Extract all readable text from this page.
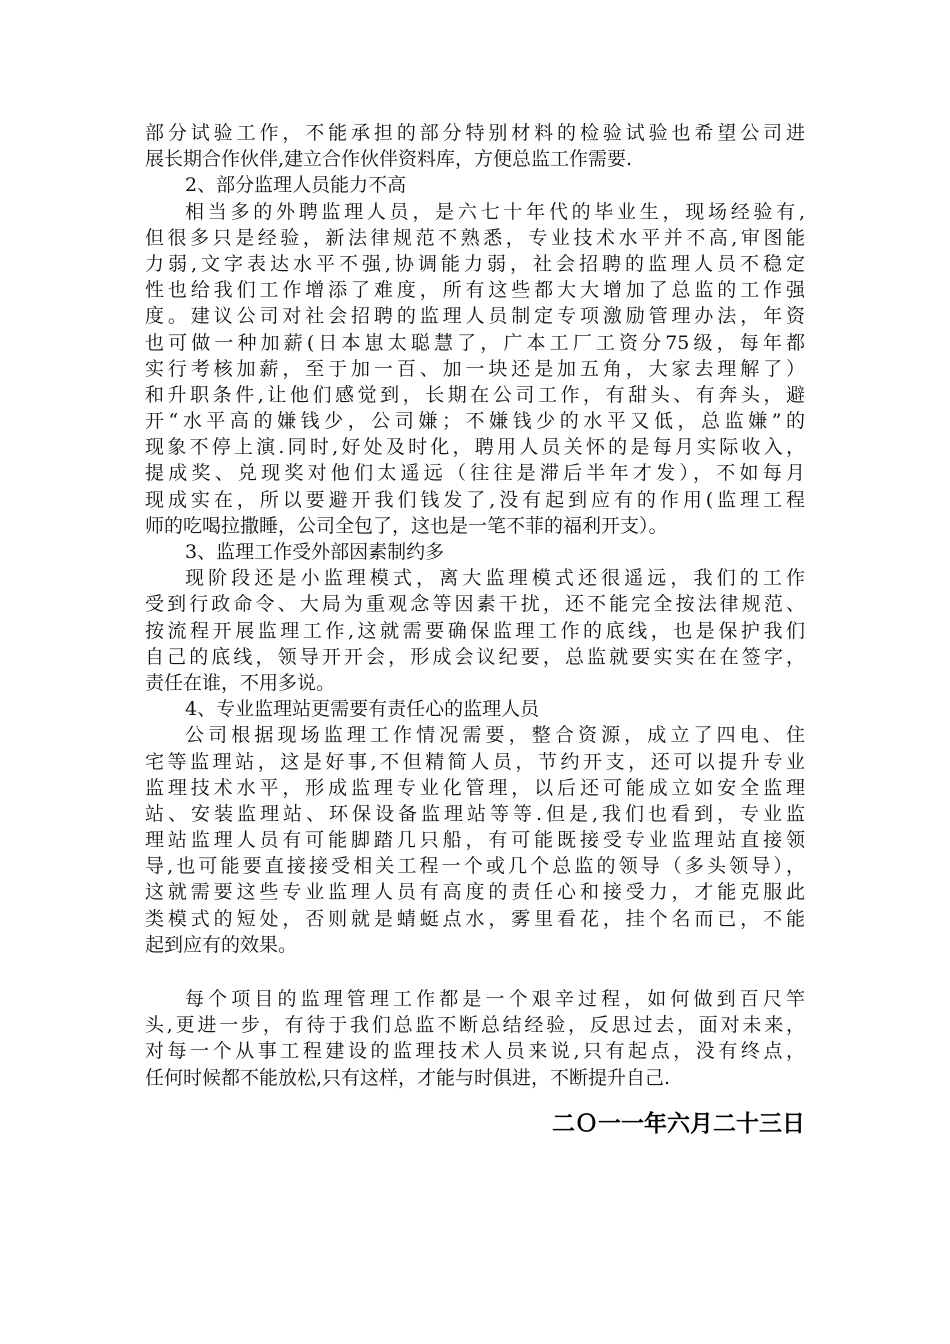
部分试验工作，不能承担的部分特别材料的检验试验也希望公司进
展长期合作伙伴,建立合作伙伴资料库，方便总监工作需要.
2、部分监理人员能力不高
相当多的外聘监理人员，是六七十年代的毕业生，现场经验有,
但很多只是经验，新法律规范不熟悉，专业技术水平并不高,审图能
力弱,文字表达水平不强,协调能力弱，社会招聘的监理人员不稳定
性也给我们工作增添了难度，所有这些都大大增加了总监的工作强
度。建议公司对社会招聘的监理人员制定专项激励管理办法，年资
也可做一种加薪(日本崽太聪慧了，广本工厂工资分75级，每年都
实行考核加薪，至于加一百、加一块还是加五角，大家去理解了）
和升职条件,让他们感觉到，长期在公司工作，有甜头、有奔头，避
开“水平高的嫌钱少，公司嫌；不嫌钱少的水平又低，总监嫌”的
现象不停上演.同时,好处及时化，聘用人员关怀的是每月实际收入，
提成奖、兑现奖对他们太遥远（往往是滞后半年才发），不如每月
现成实在，所以要避开我们钱发了,没有起到应有的作用(监理工程
师的吃喝拉撒睡，公司全包了，这也是一笔不菲的福利开支）。
3、监理工作受外部因素制约多
现阶段还是小监理模式，离大监理模式还很遥远，我们的工作
受到行政命令、大局为重观念等因素干扰，还不能完全按法律规范、
按流程开展监理工作,这就需要确保监理工作的底线，也是保护我们
自己的底线，领导开开会，形成会议纪要，总监就要实实在在签字，
责任在谁，不用多说。
4、专业监理站更需要有责任心的监理人员
公司根据现场监理工作情况需要，整合资源，成立了四电、住
宅等监理站，这是好事,不但精简人员，节约开支，还可以提升专业
监理技术水平，形成监理专业化管理，以后还可能成立如安全监理
站、安装监理站、环保设备监理站等等.但是,我们也看到，专业监
理站监理人员有可能脚踏几只船，有可能既接受专业监理站直接领
导,也可能要直接接受相关工程一个或几个总监的领导（多头领导），
这就需要这些专业监理人员有高度的责任心和接受力，才能克服此
类模式的短处，否则就是蜻蜓点水，雾里看花，挂个名而已，不能
起到应有的效果。
每个项目的监理管理工作都是一个艰辛过程，如何做到百尺竿
头,更进一步，有待于我们总监不断总结经验，反思过去，面对未来，
对每一个从事工程建设的监理技术人员来说,只有起点，没有终点，
任何时候都不能放松,只有这样，才能与时俱进，不断提升自己.
二Ｏ一一年六月二十三日
